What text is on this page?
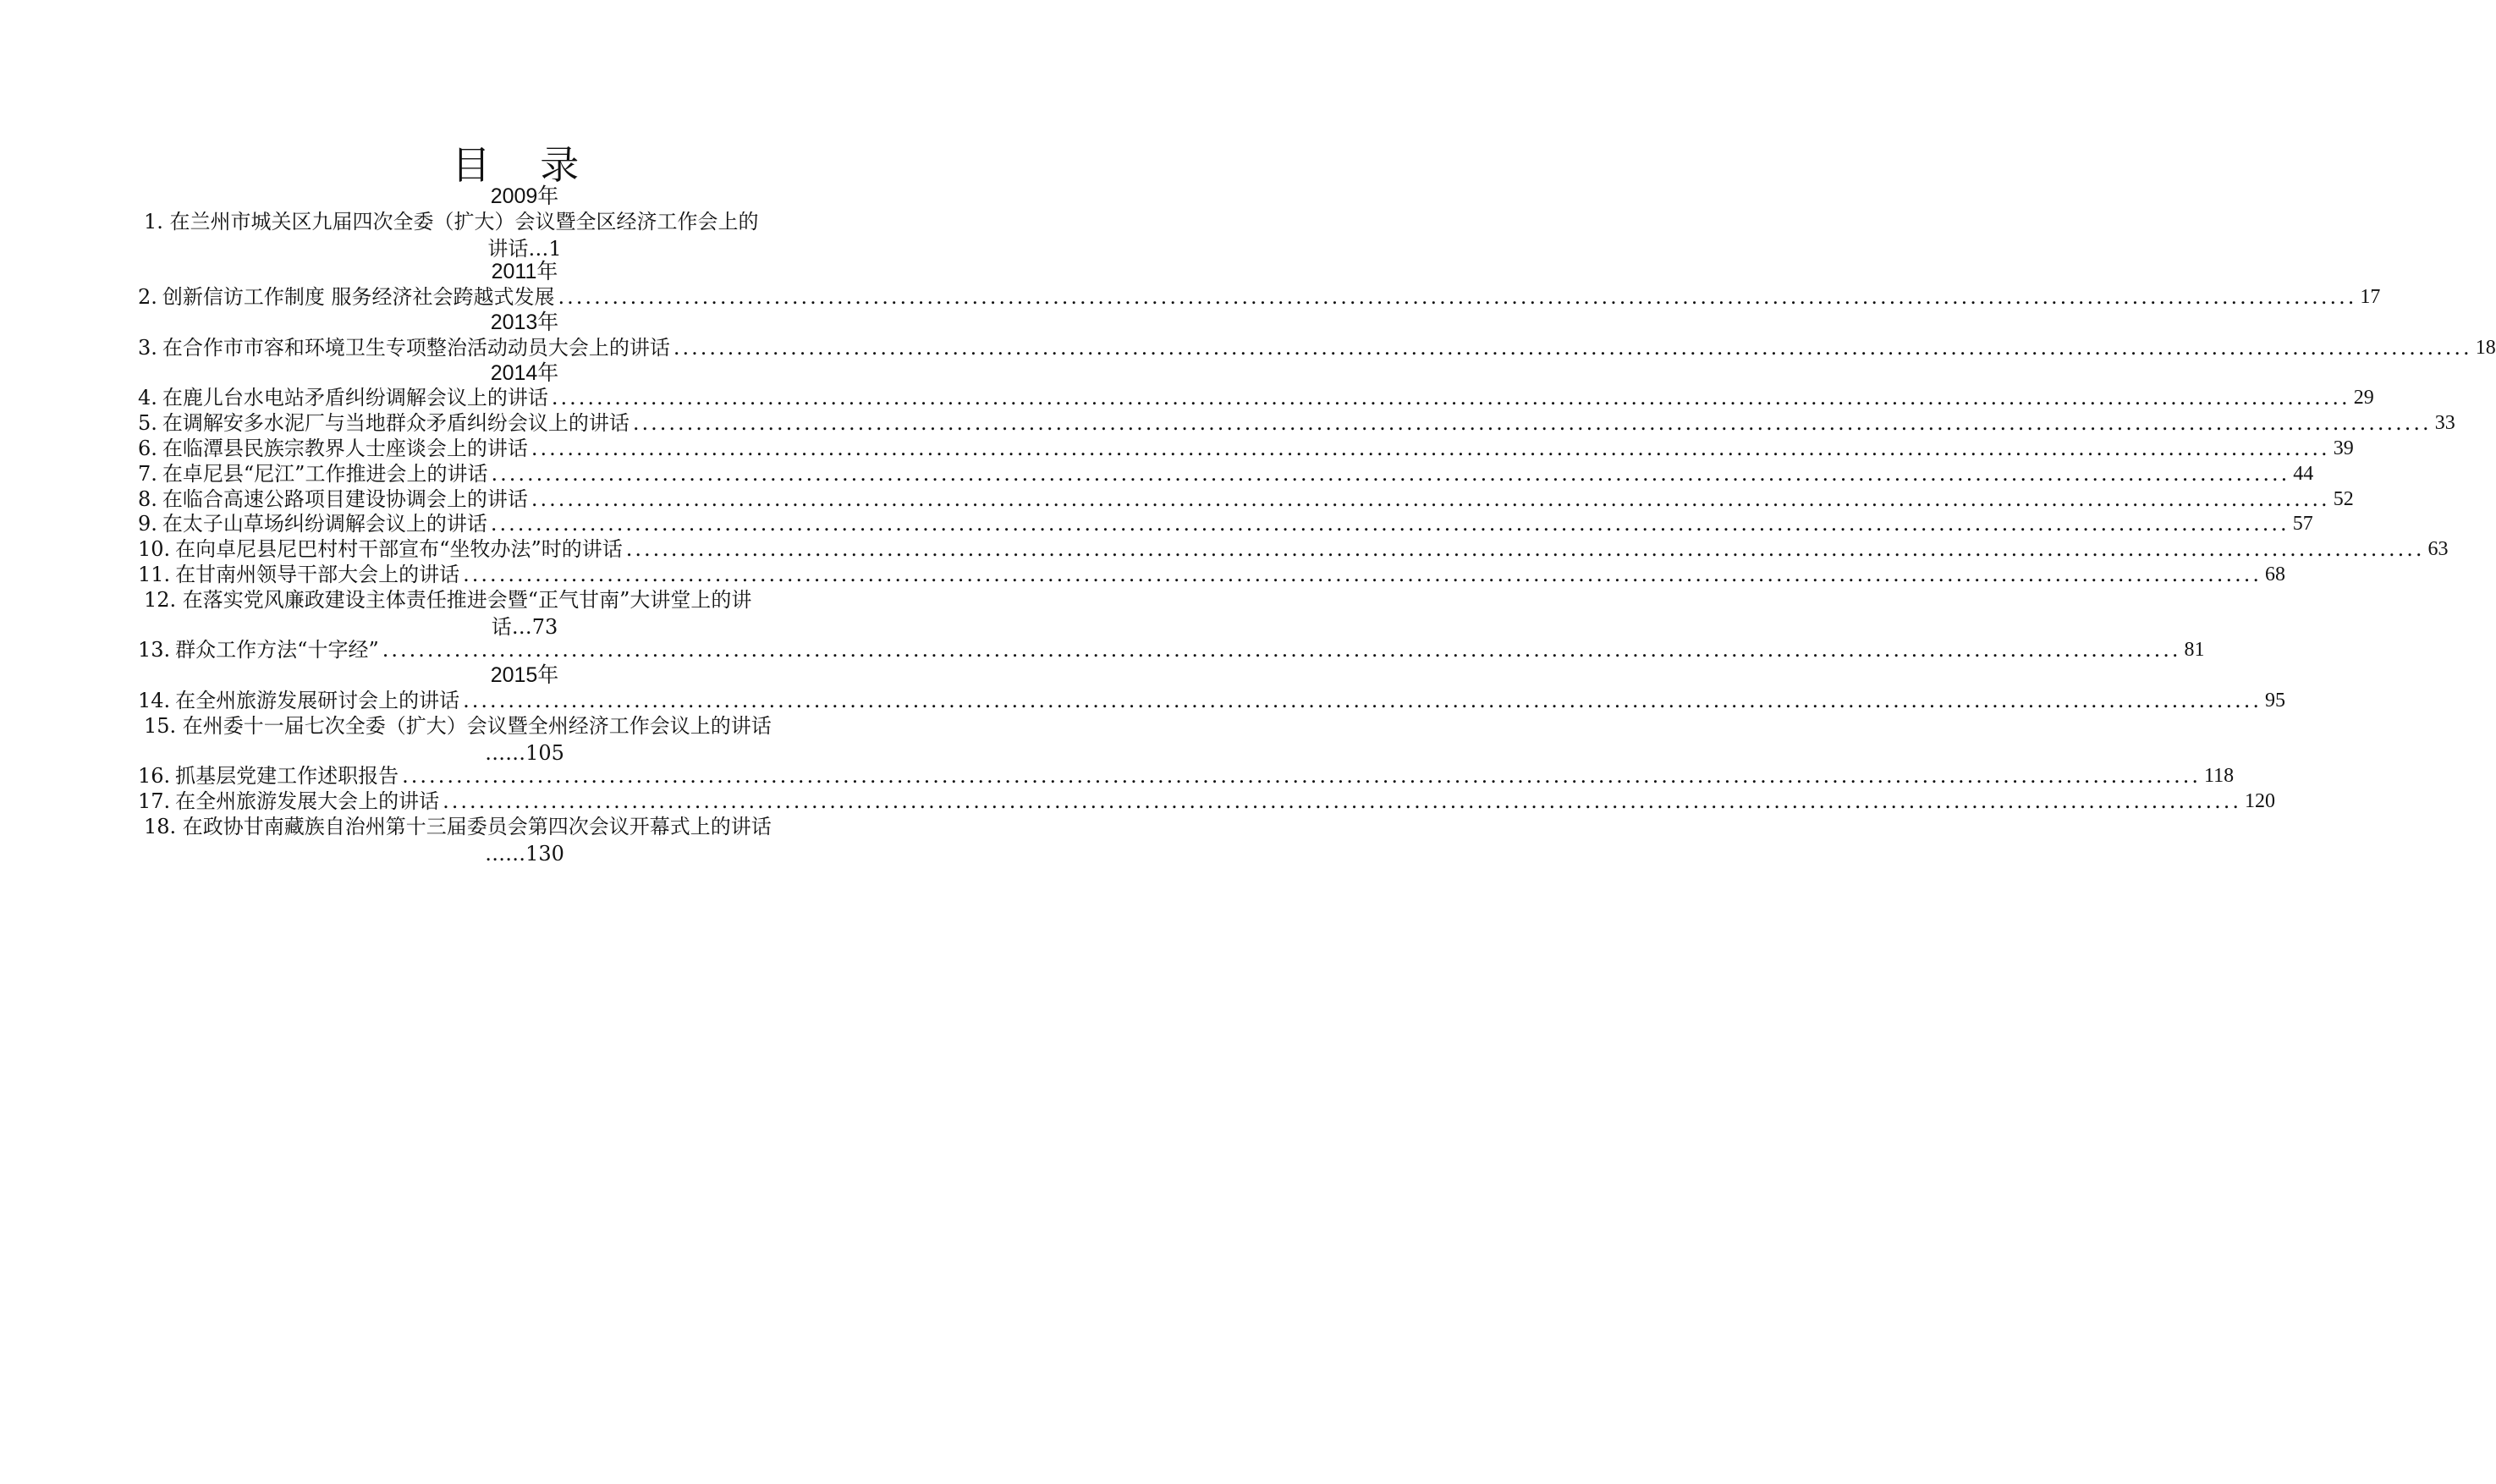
目 录
2009年
1. 在兰州市城关区九届四次全委（扩大）会议暨全区经济工作会上的
讲话…1
2011年
2. 创新信访工作制度 服务经济社会跨越式发展 ........................................................................................................................................................................................................ 17
2013年
3. 在合作市市容和环境卫生专项整治活动动员大会上的讲话 ........................................................................................................................................................................................................ 18
2014年
4. 在鹿儿台水电站矛盾纠纷调解会议上的讲话 ........................................................................................................................................................................................................ 29
5. 在调解安多水泥厂与当地群众矛盾纠纷会议上的讲话 ........................................................................................................................................................................................................ 33
6. 在临潭县民族宗教界人士座谈会上的讲话 ........................................................................................................................................................................................................ 39
7. 在卓尼县“尼江”工作推进会上的讲话 ........................................................................................................................................................................................................ 44
8. 在临合高速公路项目建设协调会上的讲话 ........................................................................................................................................................................................................ 52
9. 在太子山草场纠纷调解会议上的讲话 ........................................................................................................................................................................................................ 57
10. 在向卓尼县尼巴村村干部宣布“坐牧办法”时的讲话 ........................................................................................................................................................................................................ 63
11. 在甘南州领导干部大会上的讲话 ........................................................................................................................................................................................................ 68
12. 在落实党风廉政建设主体责任推进会暨“正气甘南”大讲堂上的讲
话…73
13. 群众工作方法“十字经” ........................................................................................................................................................................................................ 81
2015年
14. 在全州旅游发展研讨会上的讲话 ........................................................................................................................................................................................................ 95
15. 在州委十一届七次全委（扩大）会议暨全州经济工作会议上的讲话
……105
16. 抓基层党建工作述职报告 ........................................................................................................................................................................................................ 118
17. 在全州旅游发展大会上的讲话 ........................................................................................................................................................................................................ 120
18. 在政协甘南藏族自治州第十三届委员会第四次会议开幕式上的讲话
……130
